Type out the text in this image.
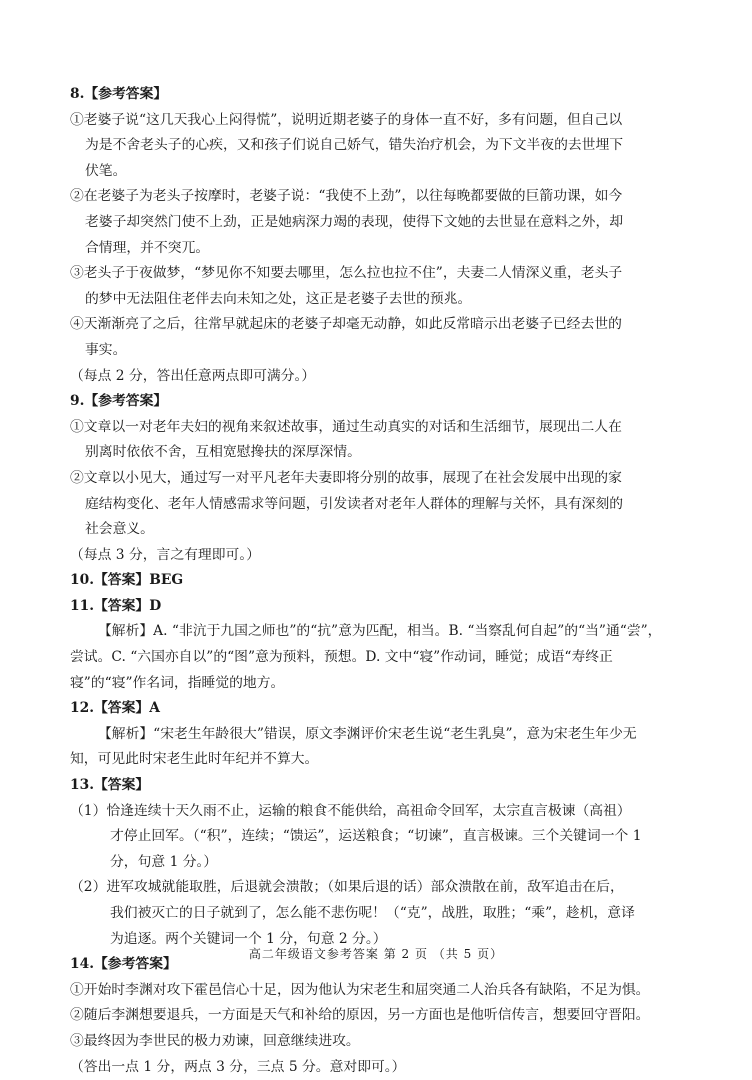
8.【参考答案】
①老婆子说“这几天我心上闷得慌”，说明近期老婆子的身体一直不好，多有问题，但自己以
为是不舍老头子的心疾，又和孩子们说自己娇气，错失治疗机会，为下文半夜的去世埋下
伏笔。
②在老婆子为老头子按摩时，老婆子说：“我使不上劲”，以往每晚都要做的巨箭功课，如今
老婆子却突然门使不上劲，正是她病深力竭的表现，使得下文她的去世显在意料之外，却
合情理，并不突兀。
③老头子于夜做梦，“梦见你不知要去哪里，怎么拉也拉不住”，夫妻二人情深义重，老头子
的梦中无法阻住老伴去向未知之处，这正是老婆子去世的预兆。
④天渐渐亮了之后，往常早就起床的老婆子却毫无动静，如此反常暗示出老婆子已经去世的
事实。
（每点 2 分，答出任意两点即可满分。）
9.【参考答案】
①文章以一对老年夫妇的视角来叙述故事，通过生动真实的对话和生活细节，展现出二人在
别离时依依不舍，互相宽慰搀扶的深厚深情。
②文章以小见大，通过写一对平凡老年夫妻即将分别的故事，展现了在社会发展中出现的家
庭结构变化、老年人情感需求等问题，引发读者对老年人群体的理解与关怀，具有深刻的
社会意义。
（每点 3 分，言之有理即可。）
10.【答案】BEG
11.【答案】D
【解析】A. “非沆于九国之师也”的“抗”意为匹配，相当。B. “当察乱何自起”的“当”通“尝”，
尝试。C. “六国亦自以”的“图”意为预料，预想。D. 文中“寝”作动词，睡觉；成语“寿终正
寝”的“寝”作名词，指睡觉的地方。
12.【答案】A
【解析】“宋老生年龄很大”错误，原文李渊评价宋老生说“老生乳臭”，意为宋老生年少无
知，可见此时宋老生此时年纪并不算大。
13.【答案】
（1）恰逢连续十天久雨不止，运输的粮食不能供给，高祖命令回军，太宗直言极谏（高祖）
才停止回军。（“积”，连续；“馈运”，运送粮食；“切谏”，直言极谏。三个关键词一个 1
分，句意 1 分。）
（2）进军攻城就能取胜，后退就会溃散；（如果后退的话）部众溃散在前，敌军追击在后，
我们被灭亡的日子就到了，怎么能不悲伤呢！（“克”，战胜，取胜；“乘”，趁机，意译
为追逐。两个关键词一个 1 分，句意 2 分。）
14.【参考答案】
①开始时李渊对攻下霍邑信心十足，因为他认为宋老生和屈突通二人治兵各有缺陷，不足为惧。
②随后李渊想要退兵，一方面是天气和补给的原因，另一方面也是他听信传言，想要回守晋阳。
③最终因为李世民的极力劝谏，回意继续进攻。
（答出一点 1 分，两点 3 分，三点 5 分。意对即可。）
高二年级语文参考答案 第 2 页 （共 5 页）
